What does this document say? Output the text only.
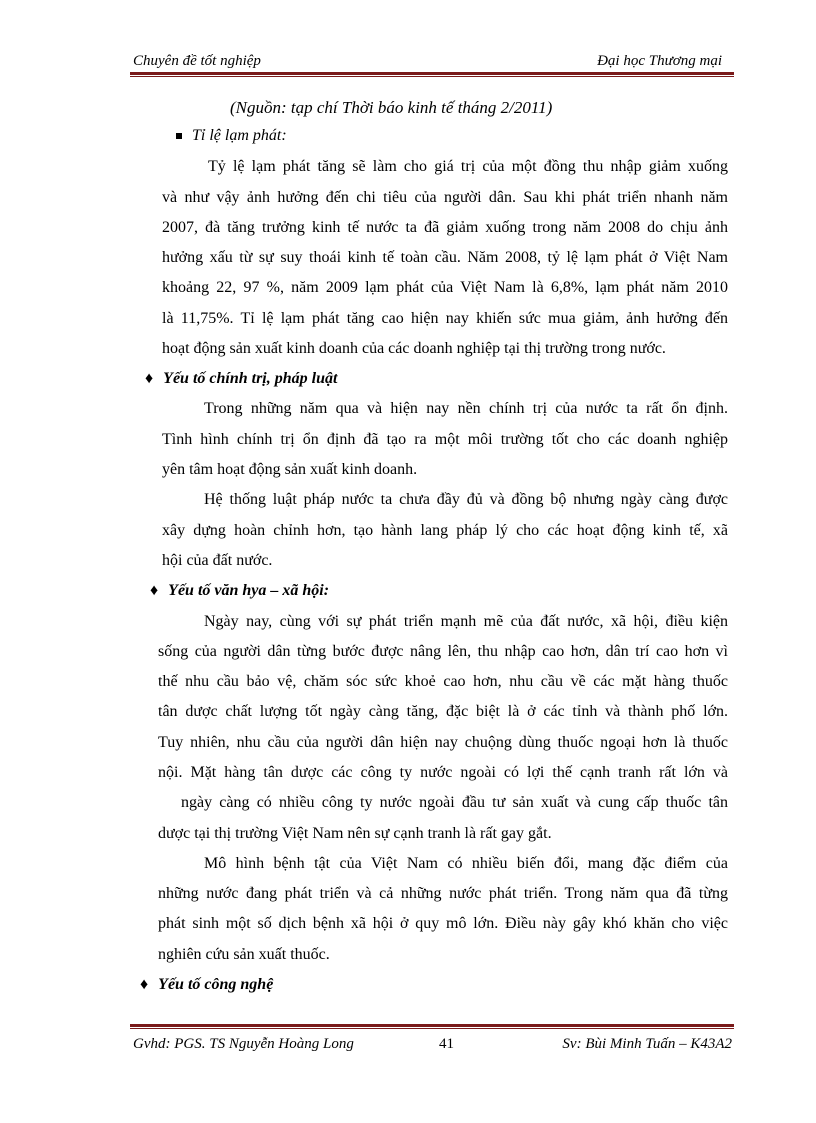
Chuyên đề tốt nghiệp	Đại học Thương mại
(Nguồn: tạp chí Thời báo kinh tế tháng 2/2011)
Tỉ lệ lạm phát:
Tỷ lệ lạm phát tăng sẽ làm cho giá trị của một đồng thu nhập giảm xuống
và như vậy ảnh hưởng đến chi tiêu của người dân. Sau khi phát triển nhanh năm
2007, đà tăng trưởng kinh tế nước ta đã giảm xuống trong năm 2008 do chịu ảnh
hưởng xấu từ sự suy thoái kinh tế toàn cầu. Năm 2008, tỷ lệ lạm phát ở Việt Nam
khoảng 22, 97 %, năm 2009 lạm phát của Việt Nam là 6,8%, lạm phát năm 2010
là 11,75%. Tỉ lệ lạm phát tăng cao hiện nay khiến sức mua giảm, ảnh hưởng đến
hoạt động sản xuất kinh doanh của các doanh nghiệp tại thị trường trong nước.
♦ Yếu tố chính trị, pháp luật
Trong những năm qua và hiện nay nền chính trị của nước ta rất ổn định.
Tình hình chính trị ổn định đã tạo ra một môi trường tốt cho các doanh nghiệp
yên tâm hoạt động sản xuất kinh doanh.
Hệ thống luật pháp nước ta chưa đầy đủ và đồng bộ nhưng ngày càng được
xây dựng hoàn chỉnh hơn, tạo hành lang pháp lý cho các hoạt động kinh tế, xã
hội của đất nước.
♦ Yếu tố văn hya – xã hội:
Ngày nay, cùng với sự phát triển mạnh mẽ của đất nước, xã hội, điều kiện
sống của người dân từng bước được nâng lên, thu nhập cao hơn, dân trí cao hơn vì
thế nhu cầu bảo vệ, chăm sóc sức khoẻ cao hơn, nhu cầu về các mặt hàng thuốc
tân dược chất lượng tốt ngày càng tăng, đặc biệt là ở các tỉnh và thành phố lớn.
Tuy nhiên, nhu cầu của người dân hiện nay chuộng dùng thuốc ngoại hơn là thuốc
nội. Mặt hàng tân dược các công ty nước ngoài có lợi thế cạnh tranh rất lớn và
ngày càng có nhiều công ty nước ngoài đầu tư sản xuất và cung cấp thuốc tân
dược tại thị trường Việt Nam nên sự cạnh tranh là rất gay gắt.
Mô hình bệnh tật của Việt Nam có nhiều biến đổi, mang đặc điểm của
những nước đang phát triển và cả những nước phát triển. Trong năm qua đã từng
phát sinh một số dịch bệnh xã hội ở quy mô lớn. Điều này gây khó khăn cho việc
nghiên cứu sản xuất thuốc.
♦ Yếu tố công nghệ
Gvhd: PGS. TS Nguyễn Hoàng Long	41	Sv: Bùi Minh Tuấn – K43A2
